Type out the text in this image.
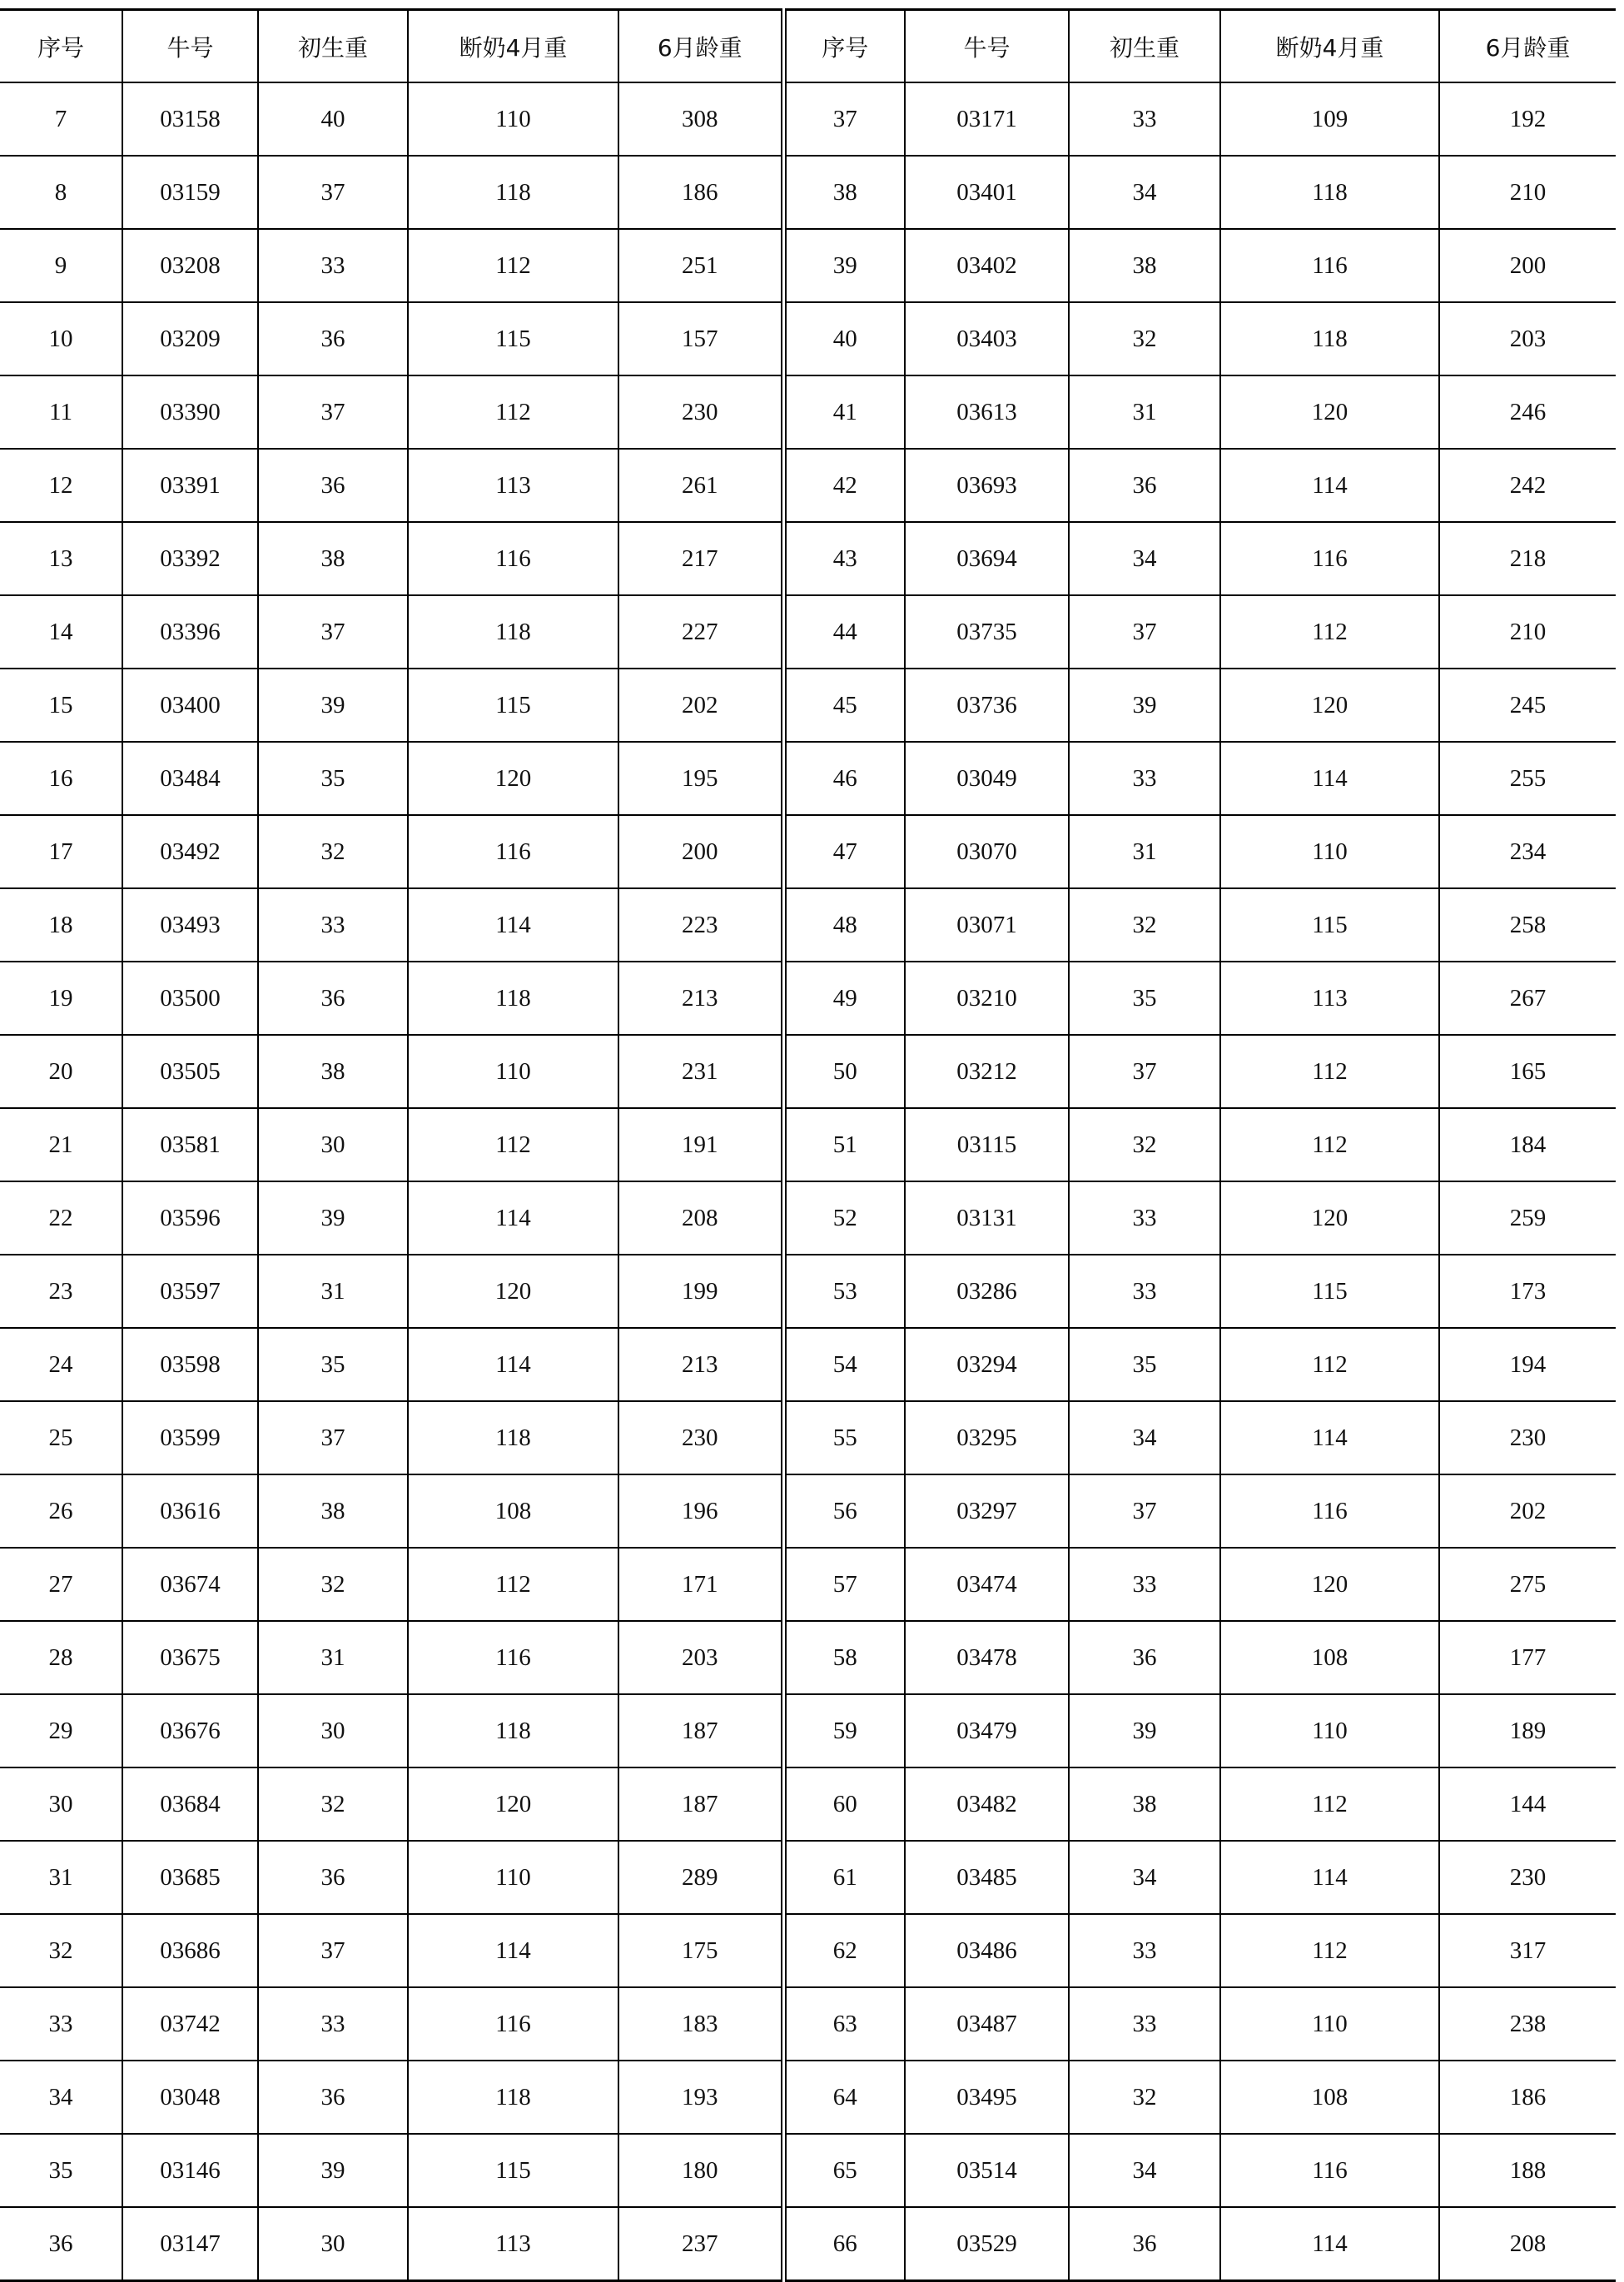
序号	牛号	初生重	断奶4月重	6月龄重	序号	牛号	初生重	断奶4月重	6月龄重
7	03158	40	110	308	37	03171	33	109	192
8	03159	37	118	186	38	03401	34	118	210
9	03208	33	112	251	39	03402	38	116	200
10	03209	36	115	157	40	03403	32	118	203
11	03390	37	112	230	41	03613	31	120	246
12	03391	36	113	261	42	03693	36	114	242
13	03392	38	116	217	43	03694	34	116	218
14	03396	37	118	227	44	03735	37	112	210
15	03400	39	115	202	45	03736	39	120	245
16	03484	35	120	195	46	03049	33	114	255
17	03492	32	116	200	47	03070	31	110	234
18	03493	33	114	223	48	03071	32	115	258
19	03500	36	118	213	49	03210	35	113	267
20	03505	38	110	231	50	03212	37	112	165
21	03581	30	112	191	51	03115	32	112	184
22	03596	39	114	208	52	03131	33	120	259
23	03597	31	120	199	53	03286	33	115	173
24	03598	35	114	213	54	03294	35	112	194
25	03599	37	118	230	55	03295	34	114	230
26	03616	38	108	196	56	03297	37	116	202
27	03674	32	112	171	57	03474	33	120	275
28	03675	31	116	203	58	03478	36	108	177
29	03676	30	118	187	59	03479	39	110	189
30	03684	32	120	187	60	03482	38	112	144
31	03685	36	110	289	61	03485	34	114	230
32	03686	37	114	175	62	03486	33	112	317
33	03742	33	116	183	63	03487	33	110	238
34	03048	36	118	193	64	03495	32	108	186
35	03146	39	115	180	65	03514	34	116	188
36	03147	30	113	237	66	03529	36	114	208
